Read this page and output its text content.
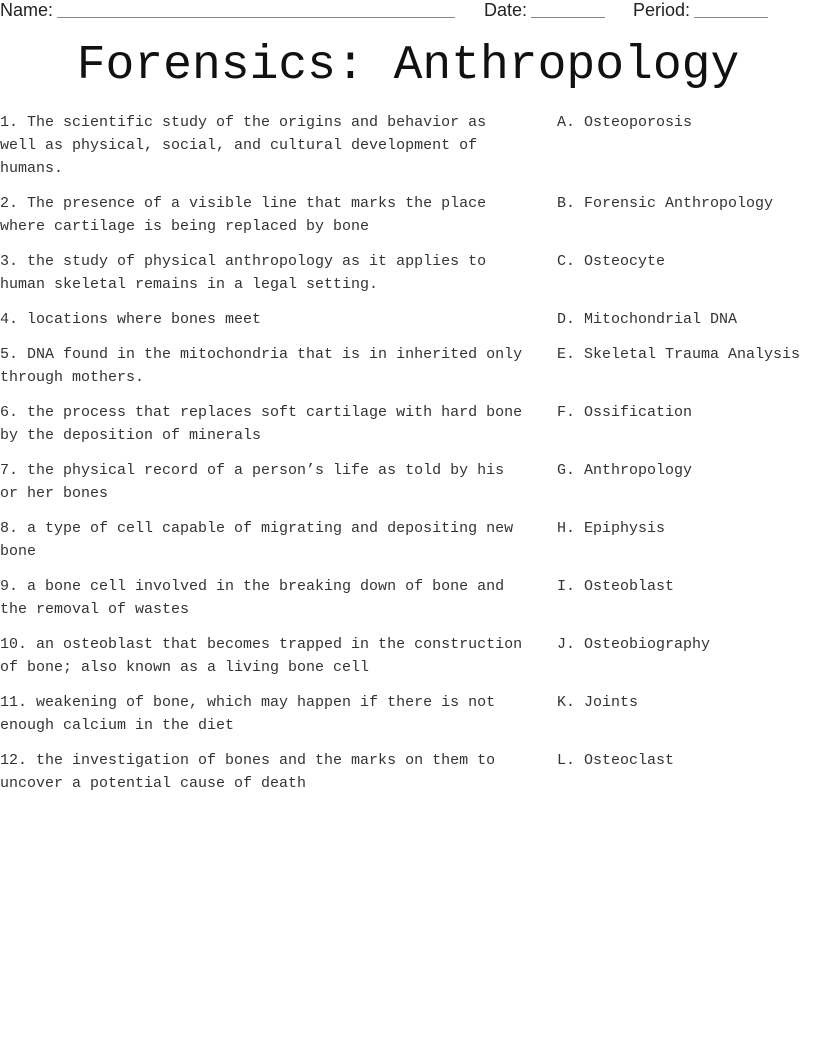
Name:	Date:	Period:
Forensics: Anthropology
1. The scientific study of the origins and behavior as well as physical, social, and cultural development of humans.
A. Osteoporosis
2. The presence of a visible line that marks the place where cartilage is being replaced by bone
B. Forensic Anthropology
3. the study of physical anthropology as it applies to human skeletal remains in a legal setting.
C. Osteocyte
4. locations where bones meet	D. Mitochondrial DNA
5. DNA found in the mitochondria that is in inherited only through mothers.
E. Skeletal Trauma Analysis
6. the process that replaces soft cartilage with hard bone by the deposition of minerals
F. Ossification
7. the physical record of a person’s life as told by his or her bones
G. Anthropology
8. a type of cell capable of migrating and depositing new bone
H. Epiphysis
9. a bone cell involved in the breaking down of bone and the removal of wastes
I. Osteoblast
10. an osteoblast that becomes trapped in the construction of bone; also known as a living bone cell
J. Osteobiography
11. weakening of bone, which may happen if there is not enough calcium in the diet
K. Joints
12. the investigation of bones and the marks on them to uncover a potential cause of death
L. Osteoclast
